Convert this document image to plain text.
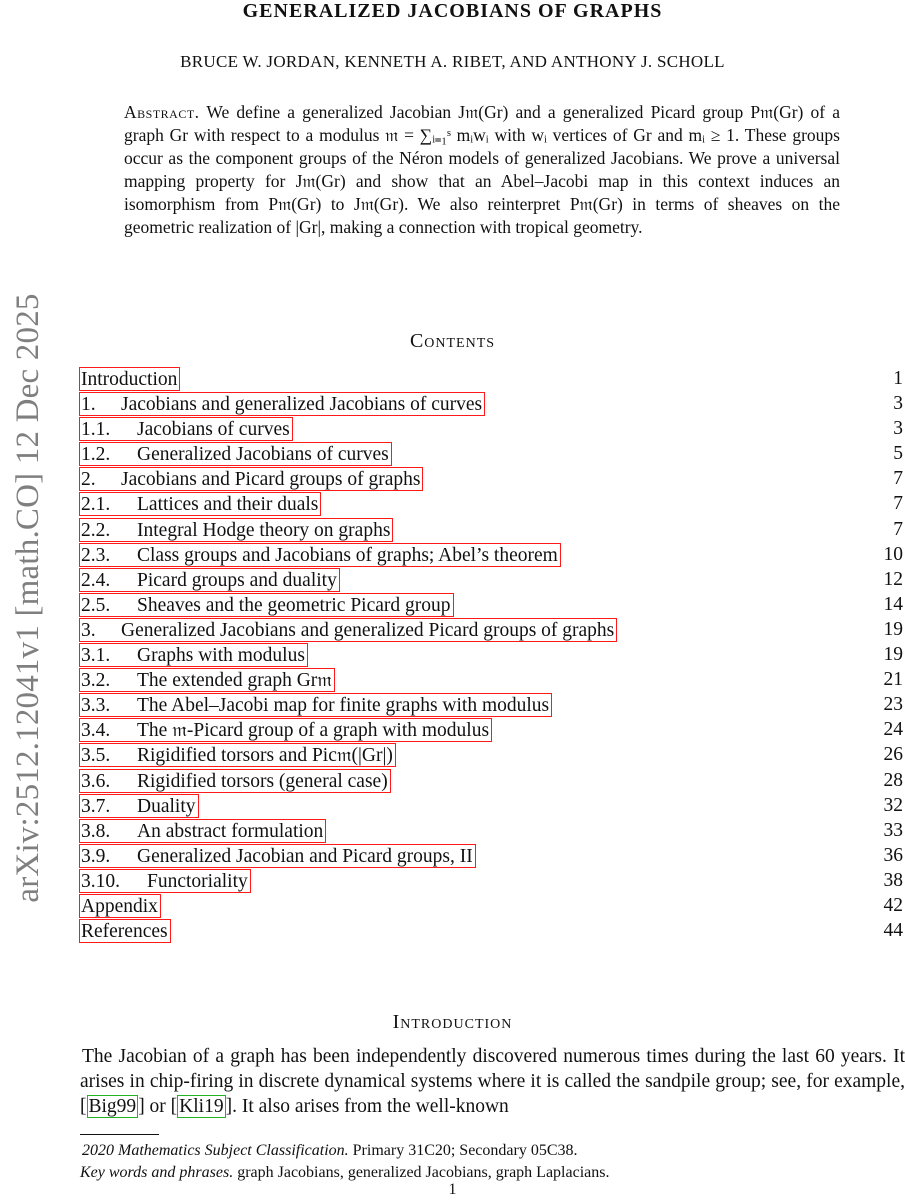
arXiv:2512.12041v1 [math.CO] 12 Dec 2025
GENERALIZED JACOBIANS OF GRAPHS
BRUCE W. JORDAN, KENNETH A. RIBET, AND ANTHONY J. SCHOLL
Abstract. We define a generalized Jacobian J𝔪(Gr) and a generalized Picard group P𝔪(Gr) of a graph Gr with respect to a modulus 𝔪 = ∑ᵢ₌₁ˢ mᵢwᵢ with wᵢ vertices of Gr and mᵢ ≥ 1. These groups occur as the component groups of the Néron models of generalized Jacobians. We prove a universal mapping property for J𝔪(Gr) and show that an Abel–Jacobi map in this context induces an isomorphism from P𝔪(Gr) to J𝔪(Gr). We also reinterpret P𝔪(Gr) in terms of sheaves on the geometric realization of |Gr|, making a connection with tropical geometry.
Contents
Introduction	1
1. Jacobians and generalized Jacobians of curves	3
1.1. Jacobians of curves	3
1.2. Generalized Jacobians of curves	5
2. Jacobians and Picard groups of graphs	7
2.1. Lattices and their duals	7
2.2. Integral Hodge theory on graphs	7
2.3. Class groups and Jacobians of graphs; Abel’s theorem	10
2.4. Picard groups and duality	12
2.5. Sheaves and the geometric Picard group	14
3. Generalized Jacobians and generalized Picard groups of graphs	19
3.1. Graphs with modulus	19
3.2. The extended graph Gr𝔪	21
3.3. The Abel–Jacobi map for finite graphs with modulus	23
3.4. The 𝔪-Picard group of a graph with modulus	24
3.5. Rigidified torsors and Pic𝔪(|Gr|)	26
3.6. Rigidified torsors (general case)	28
3.7. Duality	32
3.8. An abstract formulation	33
3.9. Generalized Jacobian and Picard groups, II	36
3.10. Functoriality	38
Appendix	42
References	44
Introduction
The Jacobian of a graph has been independently discovered numerous times during the last 60 years. It arises in chip-firing in discrete dynamical systems where it is called the sandpile group; see, for example, [ Big99 ] or [ Kli19 ]. It also arises from the well-known
2020 Mathematics Subject Classification. Primary 31C20; Secondary 05C38.
Key words and phrases. graph Jacobians, generalized Jacobians, graph Laplacians.
1
